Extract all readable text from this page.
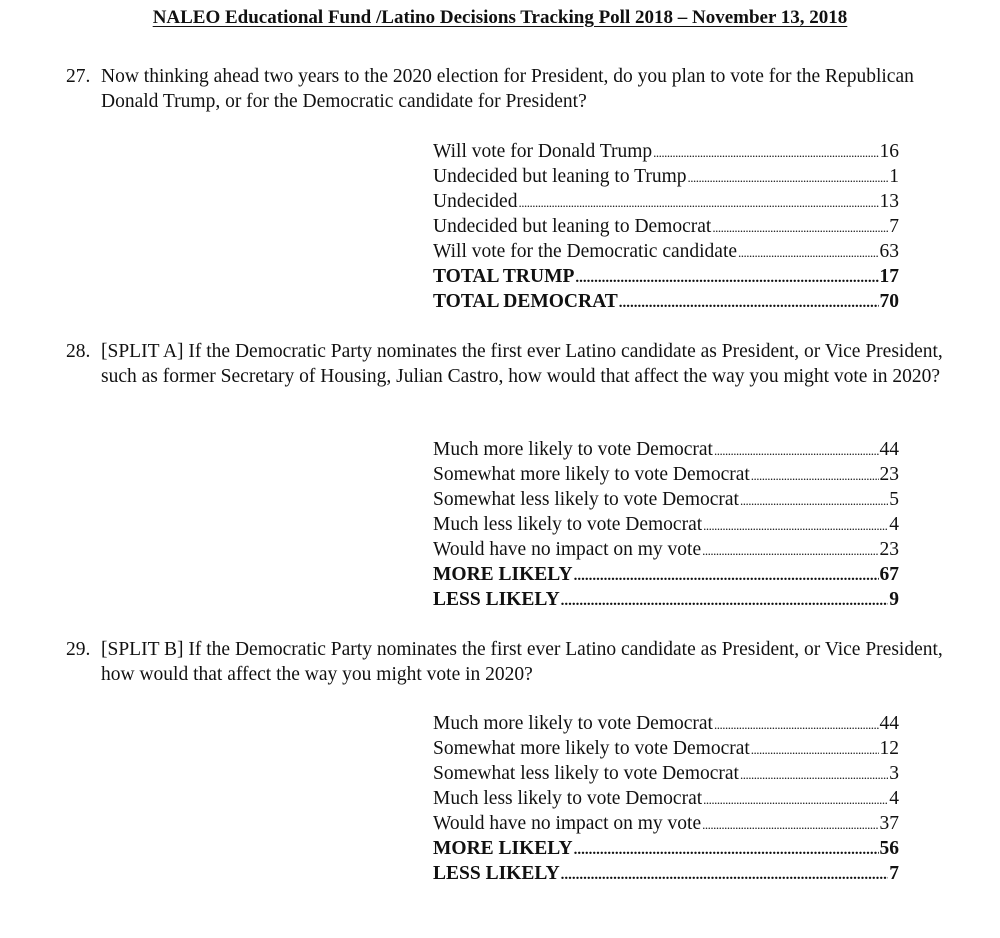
NALEO Educational Fund /Latino Decisions Tracking Poll 2018 – November 13, 2018
27. Now thinking ahead two years to the 2020 election for President, do you plan to vote for the Republican Donald Trump, or for the Democratic candidate for President?
Will vote for Donald Trump .....	16
Undecided but leaning to Trump .....	1
Undecided .....	13
Undecided but leaning to Democrat .....	7
Will vote for the Democratic candidate .....	63
TOTAL TRUMP .....	17
TOTAL DEMOCRAT .....	70
28. [SPLIT A] If the Democratic Party nominates the first ever Latino candidate as President, or Vice President, such as former Secretary of Housing, Julian Castro, how would that affect the way you might vote in 2020?
Much more likely to vote Democrat .....	44
Somewhat more likely to vote Democrat .....	23
Somewhat less likely to vote Democrat .....	5
Much less likely to vote Democrat .....	4
Would have no impact on my vote .....	23
MORE LIKELY .....	67
LESS LIKELY .....	9
29. [SPLIT B] If the Democratic Party nominates the first ever Latino candidate as President, or Vice President, how would that affect the way you might vote in 2020?
Much more likely to vote Democrat .....	44
Somewhat more likely to vote Democrat .....	12
Somewhat less likely to vote Democrat .....	3
Much less likely to vote Democrat .....	4
Would have no impact on my vote .....	37
MORE LIKELY .....	56
LESS LIKELY .....	7
